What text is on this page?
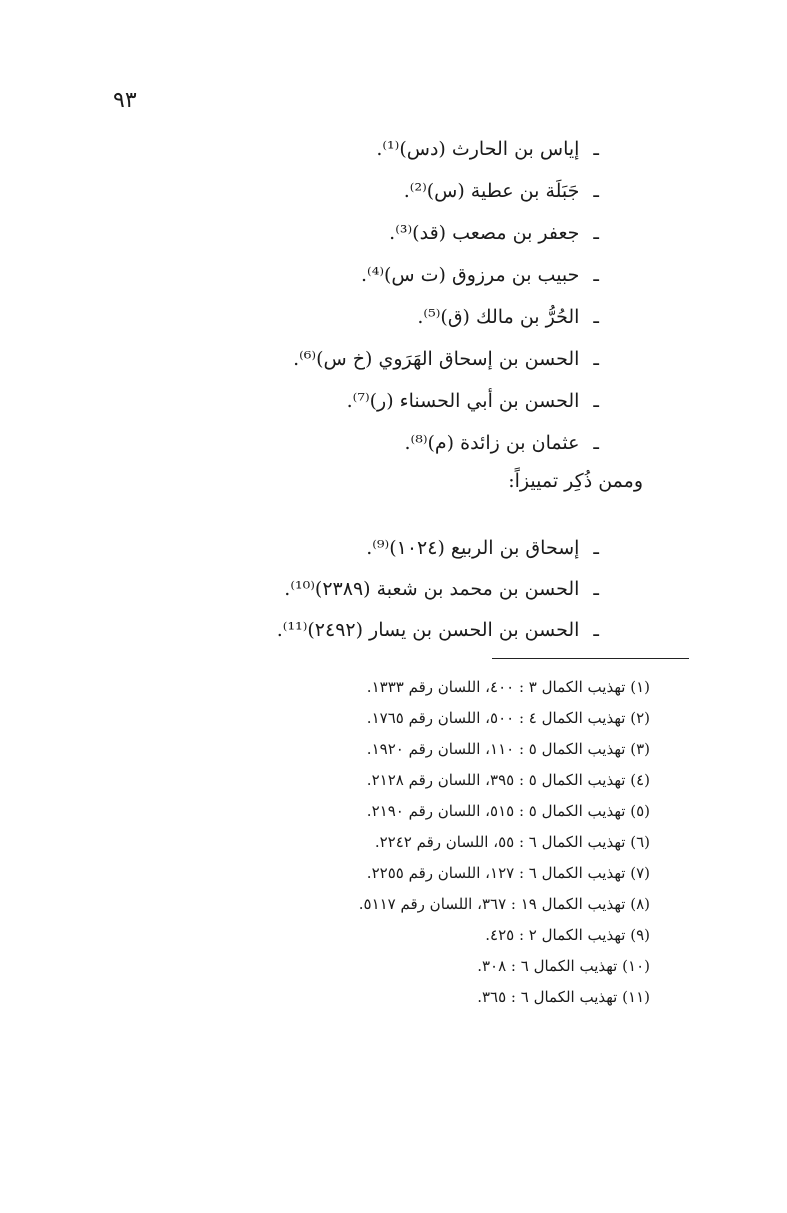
٩٣
ـإياس بن الحارث (دس)⁽¹⁾.
ـجَبَلَة بن عطية (س)⁽²⁾.
ـجعفر بن مصعب (قد)⁽³⁾.
ـحبيب بن مرزوق (ت س)⁽⁴⁾.
ـالحُرُّ بن مالك (ق)⁽⁵⁾.
ـالحسن بن إسحاق الهَرَوي (خ س)⁽⁶⁾.
ـالحسن بن أبي الحسناء (ر)⁽⁷⁾.
ـعثمان بن زائدة (م)⁽⁸⁾.
وممن ذُكِر تمييزاً:
ـإسحاق بن الربيع (١٠٢٤)⁽⁹⁾.
ـالحسن بن محمد بن شعبة (٢٣٨٩)⁽¹⁰⁾.
ـالحسن بن الحسن بن يسار (٢٤٩٢)⁽¹¹⁾.
(١) تهذيب الكمال ٣ : ٤٠٠، اللسان رقم ١٣٣٣.
(٢) تهذيب الكمال ٤ : ٥٠٠، اللسان رقم ١٧٦٥.
(٣) تهذيب الكمال ٥ : ١١٠، اللسان رقم ١٩٢٠.
(٤) تهذيب الكمال ٥ : ٣٩٥، اللسان رقم ٢١٢٨.
(٥) تهذيب الكمال ٥ : ٥١٥، اللسان رقم ٢١٩٠.
(٦) تهذيب الكمال ٦ : ٥٥، اللسان رقم ٢٢٤٢.
(٧) تهذيب الكمال ٦ : ١٢٧، اللسان رقم ٢٢٥٥.
(٨) تهذيب الكمال ١٩ : ٣٦٧، اللسان رقم ٥١١٧.
(٩) تهذيب الكمال ٢ : ٤٢٥.
(١٠) تهذيب الكمال ٦ : ٣٠٨.
(١١) تهذيب الكمال ٦ : ٣٦٥.
